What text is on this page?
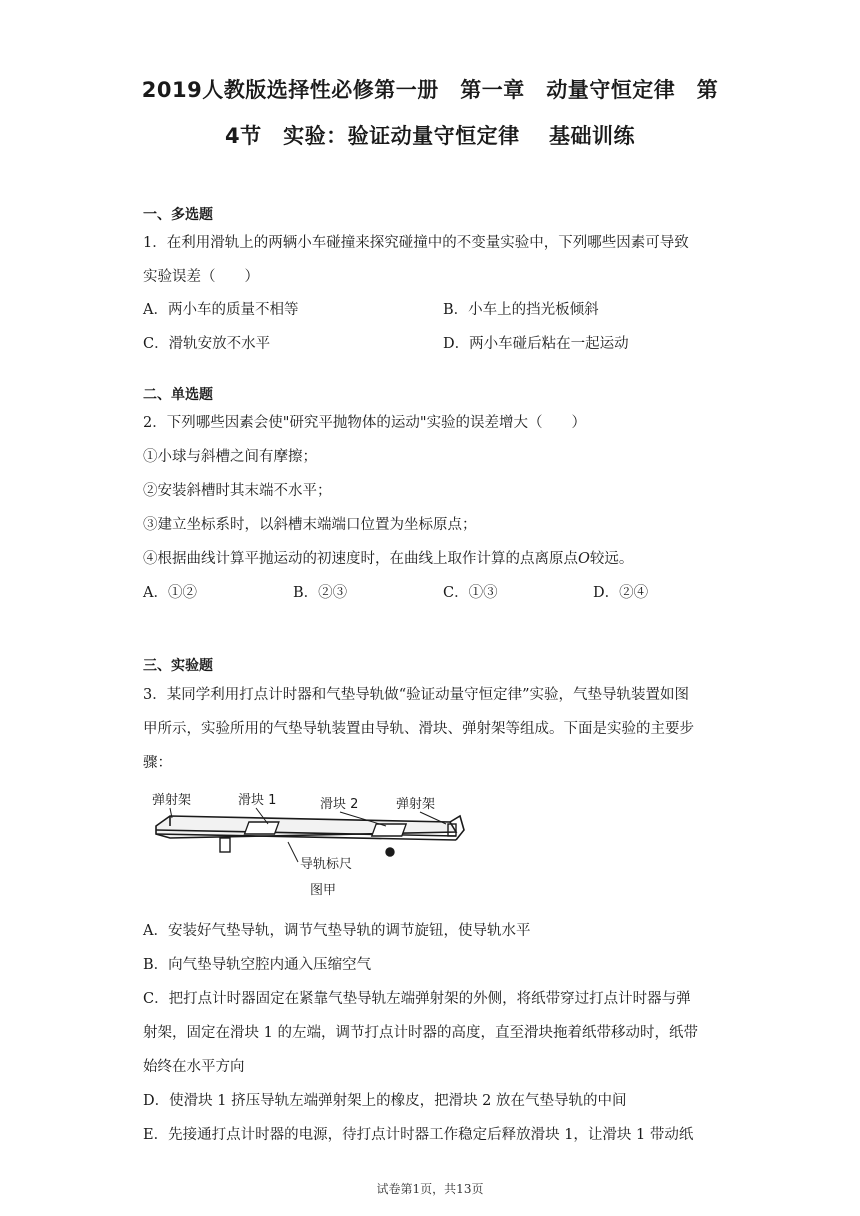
2019人教版选择性必修第一册　第一章　动量守恒定律　第
4节　实验：验证动量守恒定律　 基础训练
一、多选题
1．在利用滑轨上的两辆小车碰撞来探究碰撞中的不变量实验中，下列哪些因素可导致
实验误差（　　）
A．两小车的质量不相等	B．小车上的挡光板倾斜
C．滑轨安放不水平	D．两小车碰后粘在一起运动
二、单选题
2．下列哪些因素会使"研究平抛物体的运动"实验的误差增大（　　）
①小球与斜槽之间有摩擦；
②安装斜槽时其末端不水平；
③建立坐标系时，以斜槽末端端口位置为坐标原点；
④根据曲线计算平抛运动的初速度时，在曲线上取作计算的点离原点O较远。
A．①②	B．②③	C．①③	D．②④
三、实验题
3．某同学利用打点计时器和气垫导轨做“验证动量守恒定律”实验，气垫导轨装置如图
甲所示，实验所用的气垫导轨装置由导轨、滑块、弹射架等组成。下面是实验的主要步
骤：
弹射架	滑块 1	滑块 2	弹射架
导轨标尺
图甲
A．安装好气垫导轨，调节气垫导轨的调节旋钮，使导轨水平
B．向气垫导轨空腔内通入压缩空气
C．把打点计时器固定在紧靠气垫导轨左端弹射架的外侧，将纸带穿过打点计时器与弹
射架，固定在滑块 1 的左端，调节打点计时器的高度，直至滑块拖着纸带移动时，纸带
始终在水平方向
D．使滑块 1 挤压导轨左端弹射架上的橡皮，把滑块 2 放在气垫导轨的中间
E．先接通打点计时器的电源，待打点计时器工作稳定后释放滑块 1，让滑块 1 带动纸
试卷第1页，共13页
